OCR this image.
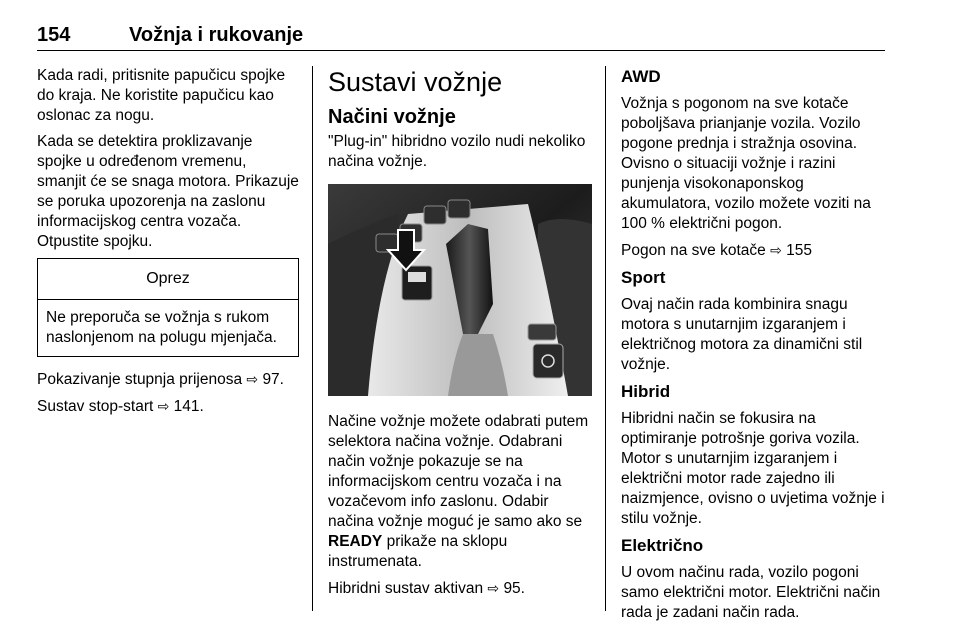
154	Vožnja i rukovanje

Kada radi, pritisnite papučicu spojke do kraja. Ne koristite papučicu kao oslonac za nogu.

Kada se detektira proklizavanje spojke u određenom vremenu, smanjit će se snaga motora. Prikazuje se poruka upozorenja na zaslonu informacijskog centra vozača. Otpustite spojku.

Oprez

Ne preporuča se vožnja s rukom naslonjenom na polugu mjenjača.

Pokazivanje stupnja prijenosa ⇨ 97.

Sustav stop-start ⇨ 141.

Sustavi vožnje
Načini vožnje

"Plug-in" hibridno vozilo nudi nekoliko načina vožnje.

Načine vožnje možete odabrati putem selektora načina vožnje. Odabrani način vožnje pokazuje se na informacijskom centru vozača i na vozačevom info zaslonu. Odabir načina vožnje moguć je samo ako se READY prikaže na sklopu instrumenata.

Hibridni sustav aktivan ⇨ 95.

AWD

Vožnja s pogonom na sve kotače poboljšava prianjanje vozila. Vozilo pogone prednja i stražnja osovina. Ovisno o situaciji vožnje i razini punjenja visokonaponskog akumulatora, vozilo možete voziti na 100 % električni pogon.

Pogon na sve kotače ⇨ 155

Sport

Ovaj način rada kombinira snagu motora s unutarnjim izgaranjem i električnog motora za dinamični stil vožnje.

Hibrid

Hibridni način se fokusira na optimiranje potrošnje goriva vozila. Motor s unutarnjim izgaranjem i električni motor rade zajedno ili naizmjence, ovisno o uvjetima vožnje i stilu vožnje.

Električno

U ovom načinu rada, vozilo pogoni samo električni motor. Električni način rada je zadani način rada.
